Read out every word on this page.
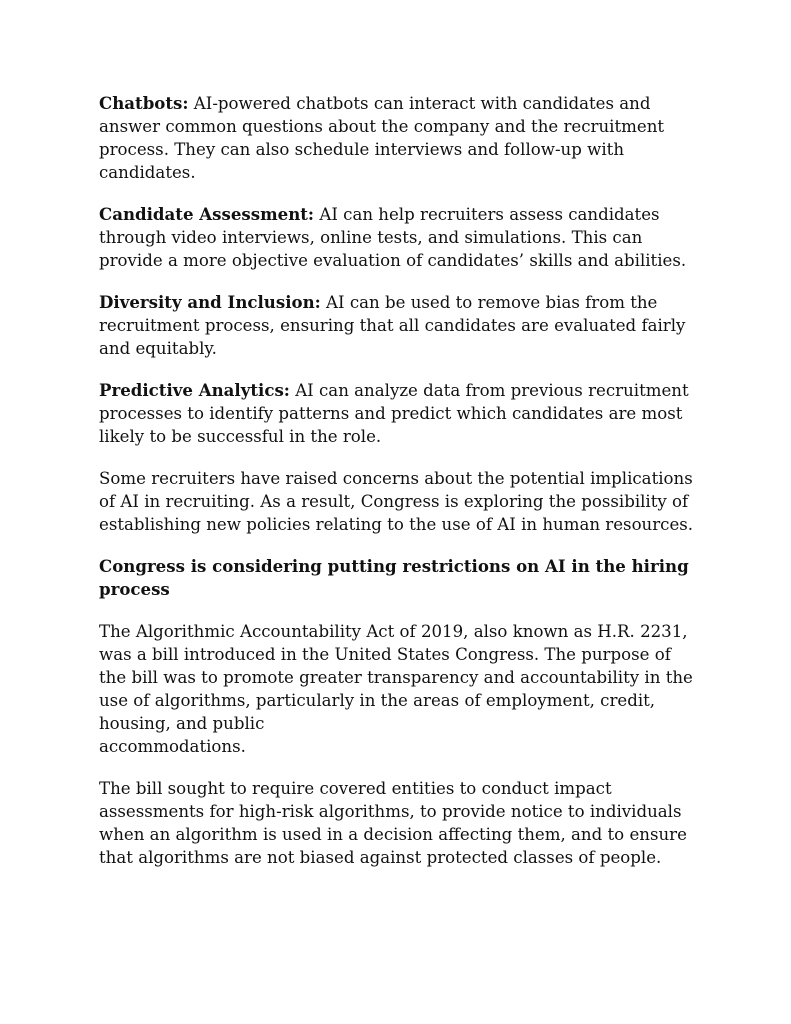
Chatbots: AI-powered chatbots can interact with candidates and answer common questions about the company and the recruitment process. They can also schedule interviews and follow-up with candidates.

Candidate Assessment: AI can help recruiters assess candidates through video interviews, online tests, and simulations. This can provide a more objective evaluation of candidates’ skills and abilities.

Diversity and Inclusion: AI can be used to remove bias from the recruitment process, ensuring that all candidates are evaluated fairly and equitably.

Predictive Analytics: AI can analyze data from previous recruitment processes to identify patterns and predict which candidates are most likely to be successful in the role.

Some recruiters have raised concerns about the potential implications of AI in recruiting. As a result, Congress is exploring the possibility of establishing new policies relating to the use of AI in human resources.

Congress is considering putting restrictions on AI in the hiring process

The Algorithmic Accountability Act of 2019, also known as H.R. 2231, was a bill introduced in the United States Congress. The purpose of the bill was to promote greater transparency and accountability in the use of algorithms, particularly in the areas of employment, credit, housing, and public
accommodations.

The bill sought to require covered entities to conduct impact assessments for high-risk algorithms, to provide notice to individuals when an algorithm is used in a decision affecting them, and to ensure that algorithms are not biased against protected classes of people.
